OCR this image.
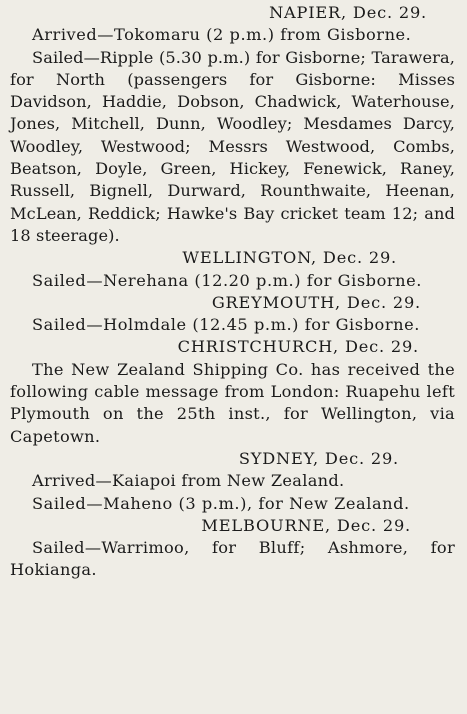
NAPIER, Dec. 29.
Arrived—Tokomaru (2 p.m.) from Gisborne.
Sailed—Ripple (5.30 p.m.) for Gisborne; Tarawera, for North (passengers for Gisborne: Misses Davidson, Haddie, Dobson, Chadwick, Waterhouse, Jones, Mitchell, Dunn, Woodley; Mesdames Darcy, Woodley, Westwood; Messrs Westwood, Combs, Beatson, Doyle, Green, Hickey, Fenewick, Raney, Russell, Bignell, Durward, Rounthwaite, Heenan, McLean, Reddick; Hawke's Bay cricket team 12; and 18 steerage).
WELLINGTON, Dec. 29.
Sailed—Nerehana (12.20 p.m.) for Gisborne.
GREYMOUTH, Dec. 29.
Sailed—Holmdale (12.45 p.m.) for Gisborne.
CHRISTCHURCH, Dec. 29.
The New Zealand Shipping Co. has received the following cable message from London: Ruapehu left Plymouth on the 25th inst., for Wellington, via Capetown.
SYDNEY, Dec. 29.
Arrived—Kaiapoi from New Zealand.
Sailed—Maheno (3 p.m.), for New Zealand.
MELBOURNE, Dec. 29.
Sailed—Warrimoo, for Bluff; Ashmore, for Hokianga.
